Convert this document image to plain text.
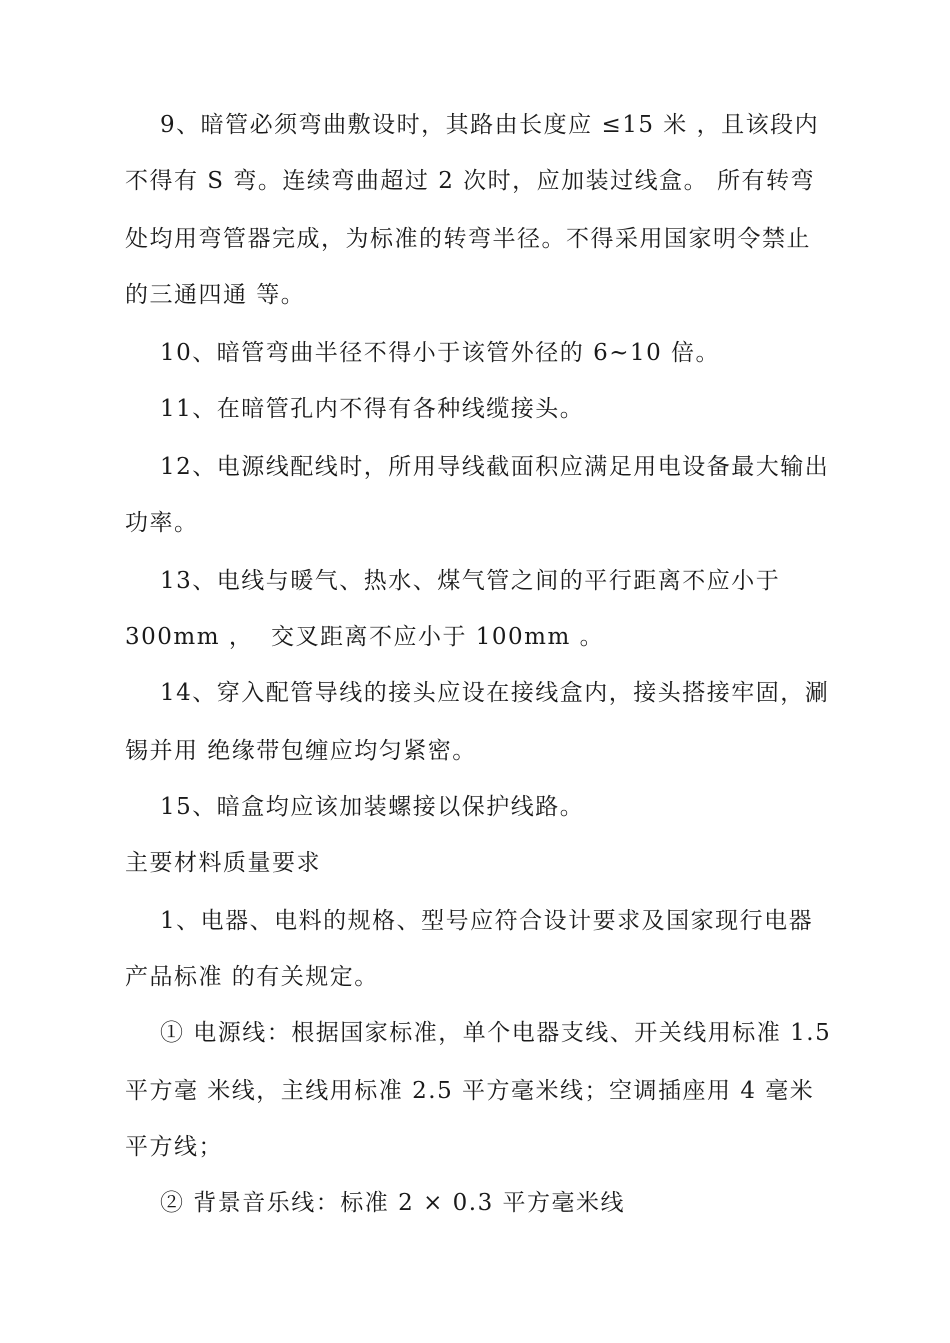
9、暗管必须弯曲敷设时，其路由长度应 ≤15 米 ，且该段内
不得有 S 弯。连续弯曲超过 2 次时，应加装过线盒。 所有转弯
处均用弯管器完成，为标准的转弯半径。不得采用国家明令禁止
的三通四通 等。
10、暗管弯曲半径不得小于该管外径的 6~10 倍。
11、在暗管孔内不得有各种线缆接头。
12、电源线配线时，所用导线截面积应满足用电设备最大输出
功率。
13、电线与暖气、热水、煤气管之间的平行距离不应小于
300mm ，  交叉距离不应小于 100mm 。
14、穿入配管导线的接头应设在接线盒内，接头搭接牢固，涮
锡并用 绝缘带包缠应均匀紧密。
15、暗盒均应该加装螺接以保护线路。
主要材料质量要求
1、电器、电料的规格、型号应符合设计要求及国家现行电器
产品标准 的有关规定。
① 电源线：根据国家标准，单个电器支线、开关线用标准 1.5
平方毫 米线，主线用标准 2.5 平方毫米线；空调插座用 4 毫米
平方线；
② 背景音乐线：标准 2 × 0.3 平方毫米线
